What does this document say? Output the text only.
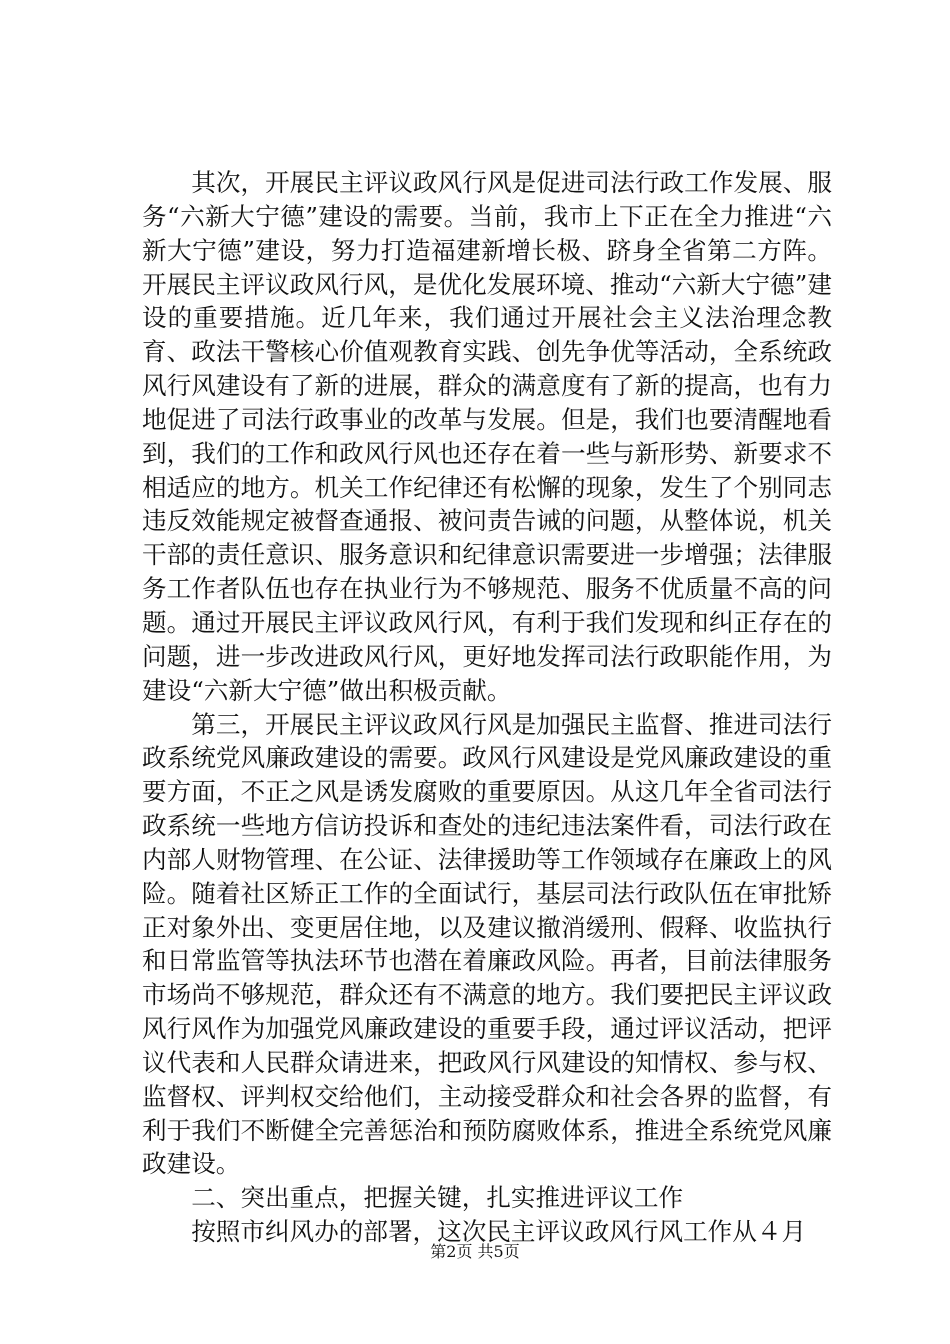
其次，开展民主评议政风行风是促进司法行政工作发展、服务“六新大宁德”建设的需要。当前，我市上下正在全力推进“六新大宁德”建设，努力打造福建新增长极、跻身全省第二方阵。开展民主评议政风行风，是优化发展环境、推动“六新大宁德”建设的重要措施。近几年来，我们通过开展社会主义法治理念教育、政法干警核心价值观教育实践、创先争优等活动，全系统政风行风建设有了新的进展，群众的满意度有了新的提高，也有力地促进了司法行政事业的改革与发展。但是，我们也要清醒地看到，我们的工作和政风行风也还存在着一些与新形势、新要求不相适应的地方。机关工作纪律还有松懈的现象，发生了个别同志违反效能规定被督查通报、被问责告诫的问题，从整体说，机关干部的责任意识、服务意识和纪律意识需要进一步增强；法律服务工作者队伍也存在执业行为不够规范、服务不优质量不高的问题。通过开展民主评议政风行风，有利于我们发现和纠正存在的问题，进一步改进政风行风，更好地发挥司法行政职能作用，为建设“六新大宁德”做出积极贡献。

第三，开展民主评议政风行风是加强民主监督、推进司法行政系统党风廉政建设的需要。政风行风建设是党风廉政建设的重要方面，不正之风是诱发腐败的重要原因。从这几年全省司法行政系统一些地方信访投诉和查处的违纪违法案件看，司法行政在内部人财物管理、在公证、法律援助等工作领域存在廉政上的风险。随着社区矫正工作的全面试行，基层司法行政队伍在审批矫正对象外出、变更居住地，以及建议撤消缓刑、假释、收监执行和日常监管等执法环节也潜在着廉政风险。再者，目前法律服务市场尚不够规范，群众还有不满意的地方。我们要把民主评议政风行风作为加强党风廉政建设的重要手段，通过评议活动，把评议代表和人民群众请进来，把政风行风建设的知情权、参与权、监督权、评判权交给他们，主动接受群众和社会各界的监督，有利于我们不断健全完善惩治和预防腐败体系，推进全系统党风廉政建设。

二、突出重点，把握关键，扎实推进评议工作

按照市纠风办的部署，这次民主评议政风行风工作从４月

第2页 共5页
